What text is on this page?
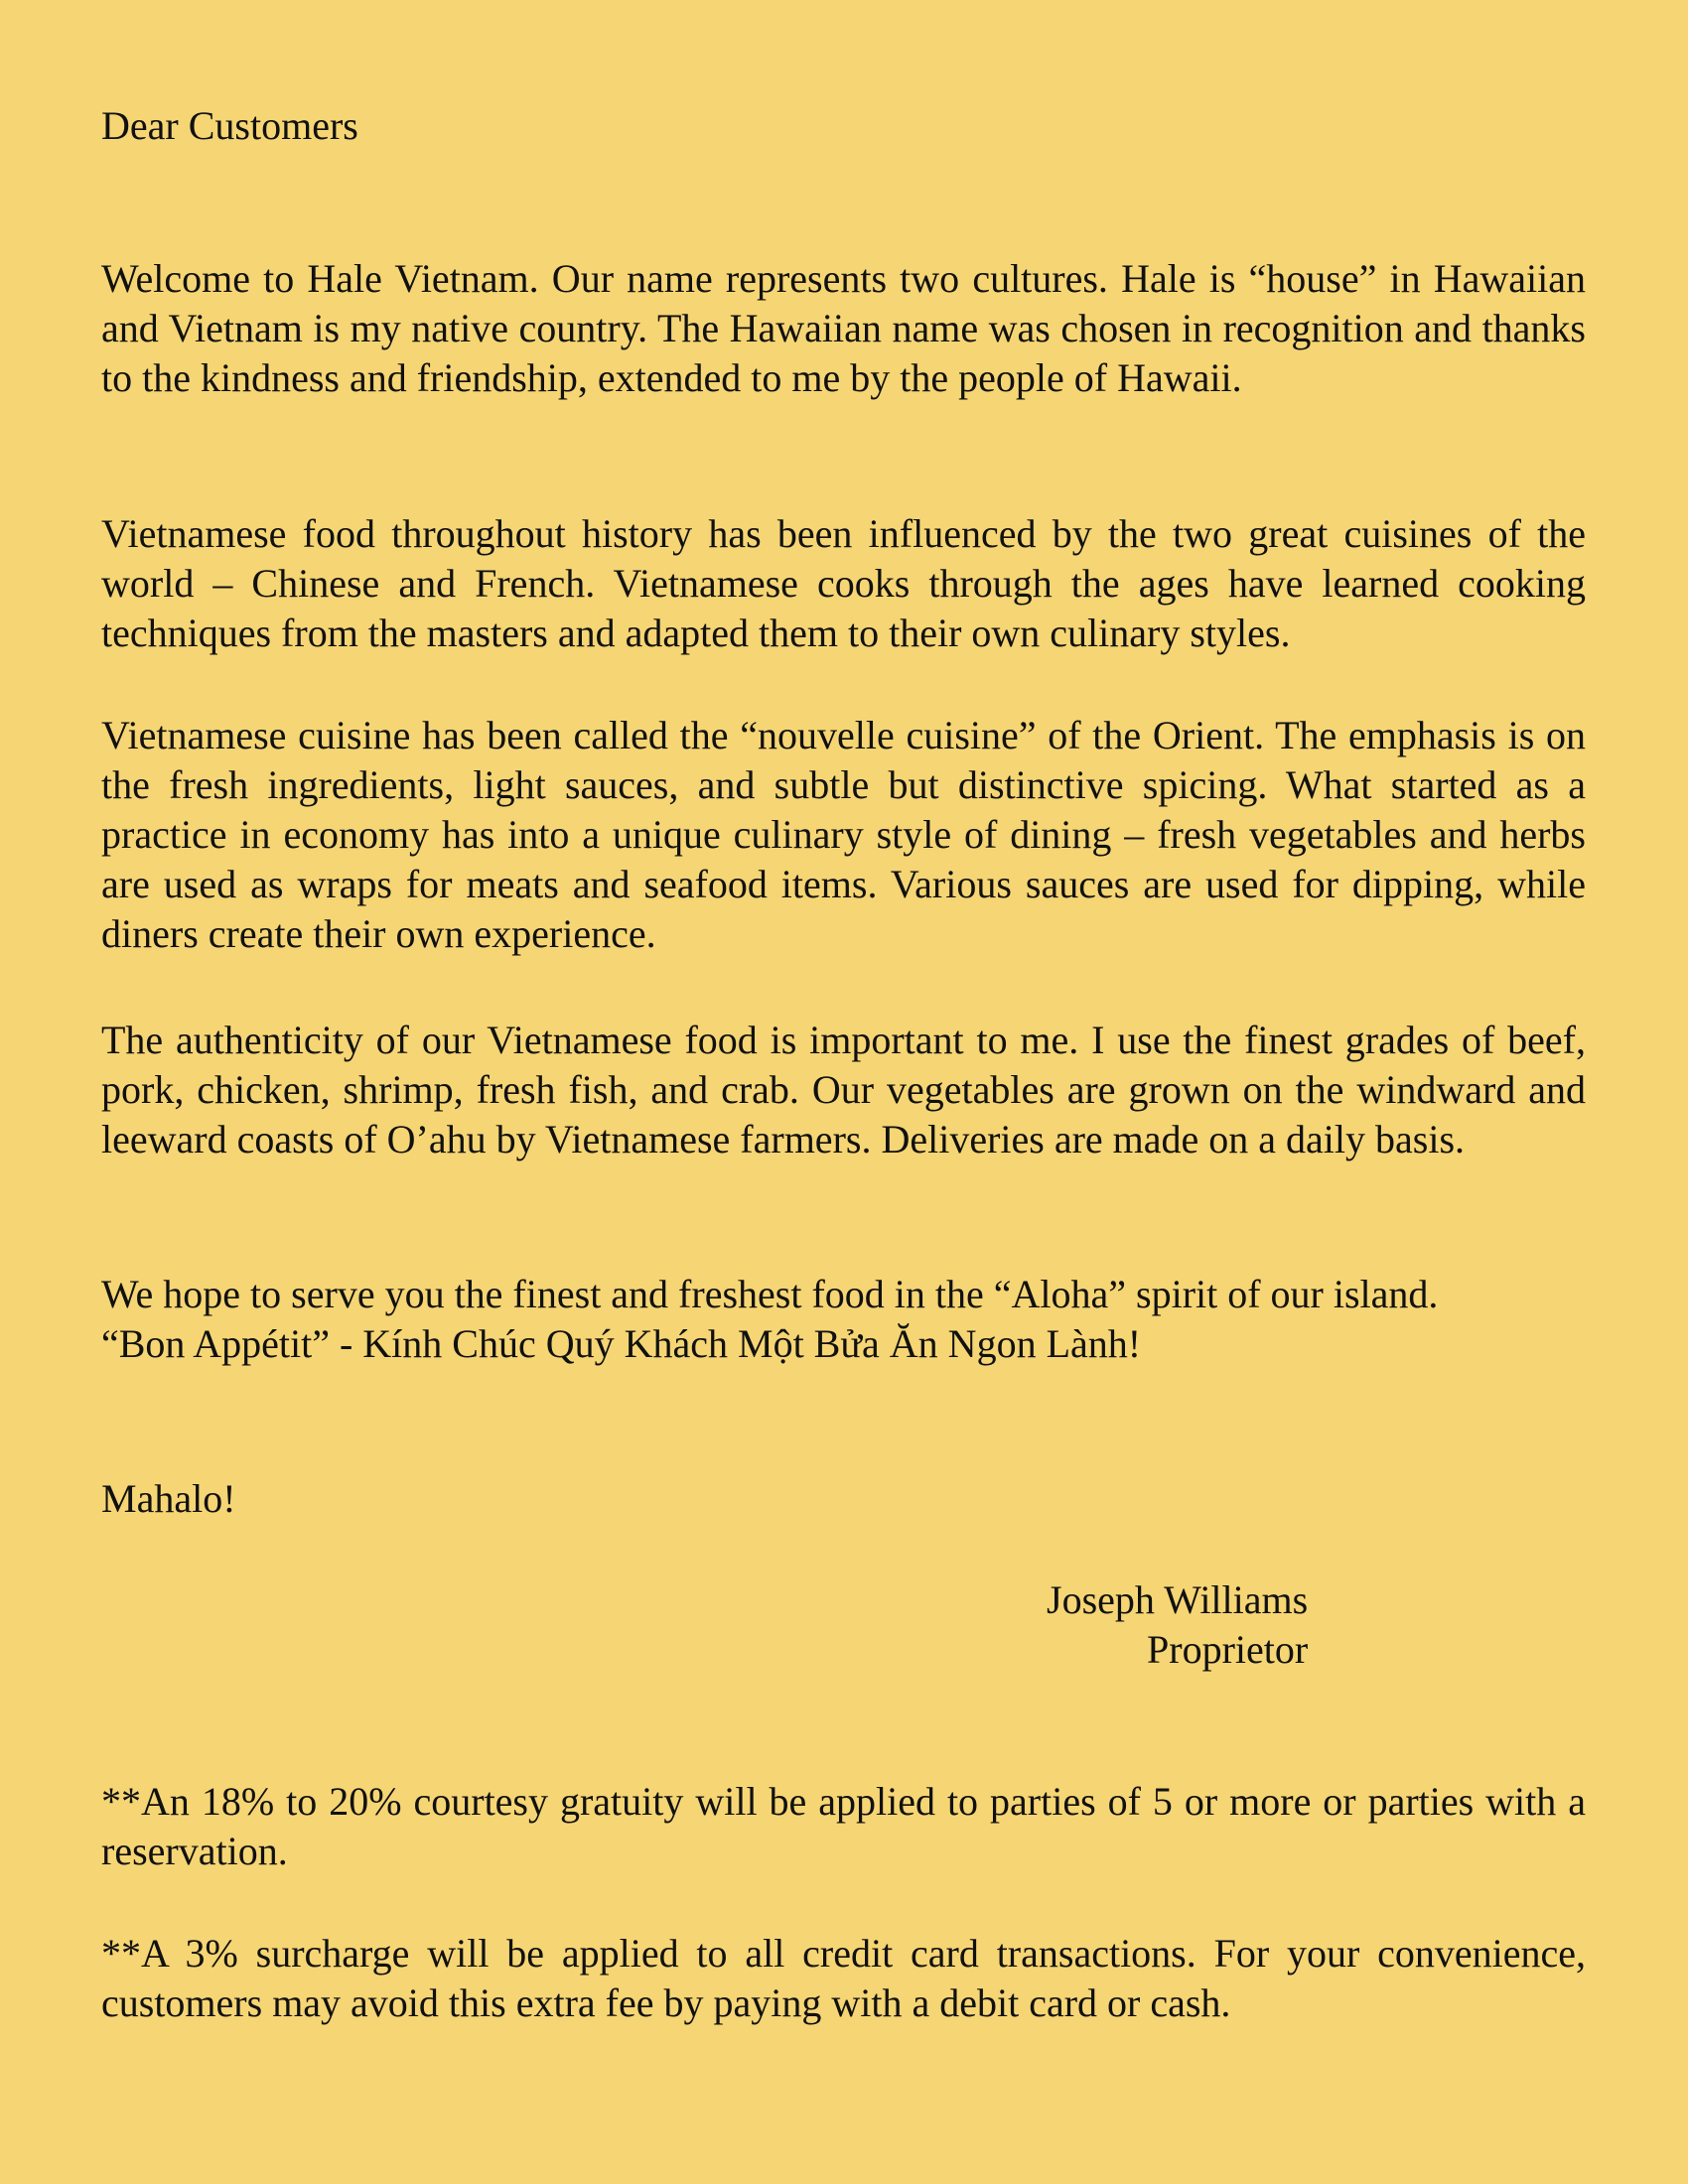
Dear Customers

Welcome to Hale Vietnam. Our name represents two cultures. Hale is “house” in Hawaiian and Vietnam is my native country. The Hawaiian name was chosen in recognition and thanks to the kindness and friendship, extended to me by the people of Hawaii.

Vietnamese food throughout history has been influenced by the two great cuisines of the world – Chinese and French. Vietnamese cooks through the ages have learned cooking techniques from the masters and adapted them to their own culinary styles.

Vietnamese cuisine has been called the “nouvelle cuisine” of the Orient. The emphasis is on the fresh ingredients, light sauces, and subtle but distinctive spicing. What started as a practice in economy has into a unique culinary style of dining – fresh vegetables and herbs are used as wraps for meats and seafood items. Various sauces are used for dipping, while diners create their own experience.

The authenticity of our Vietnamese food is important to me. I use the finest grades of beef, pork, chicken, shrimp, fresh fish, and crab. Our vegetables are grown on the windward and leeward coasts of O’ahu by Vietnamese farmers. Deliveries are made on a daily basis.

We hope to serve you the finest and freshest food in the “Aloha” spirit of our island.
“Bon Appétit” - Kính Chúc Quý Khách Một Bửa Ăn Ngon Lành!

Mahalo!

Joseph Williams

Proprietor

**An 18% to 20% courtesy gratuity will be applied to parties of 5 or more or parties with a reservation.

**A 3% surcharge will be applied to all credit card transactions. For your convenience, customers may avoid this extra fee by paying with a debit card or cash.
